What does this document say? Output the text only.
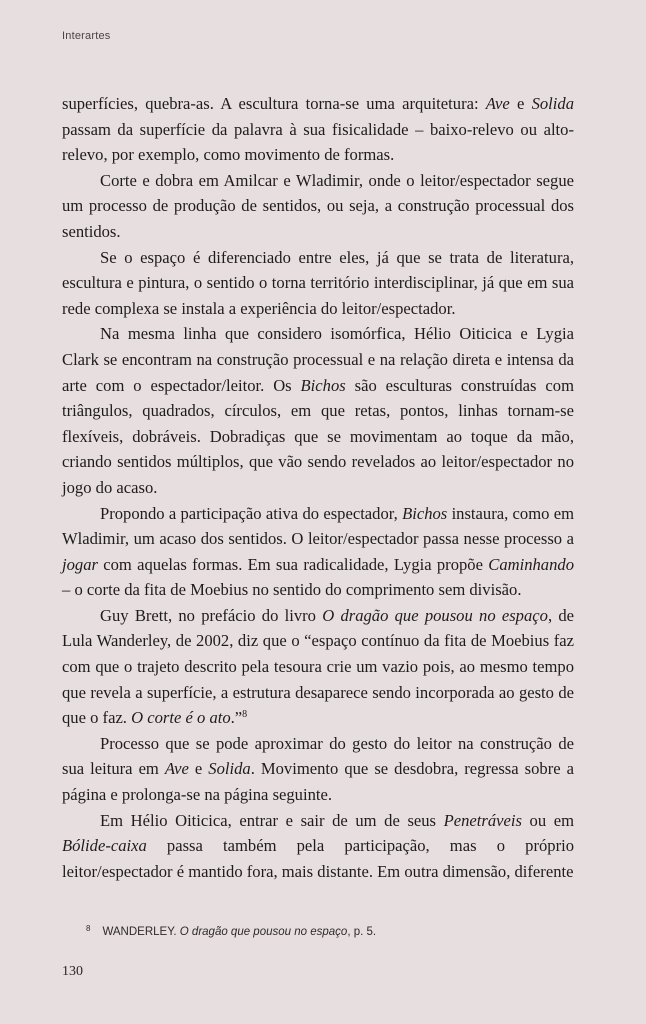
Interartes

superfícies, quebra-as. A escultura torna-se uma arquitetura: Ave e Solida passam da superfície da palavra à sua fisicalidade – baixo-relevo ou alto-relevo, por exemplo, como movimento de formas.

Corte e dobra em Amilcar e Wladimir, onde o leitor/espectador segue um processo de produção de sentidos, ou seja, a construção processual dos sentidos.

Se o espaço é diferenciado entre eles, já que se trata de literatura, escultura e pintura, o sentido o torna território interdisciplinar, já que em sua rede complexa se instala a experiência do leitor/espectador.

Na mesma linha que considero isomórfica, Hélio Oiticica e Lygia Clark se encontram na construção processual e na relação direta e intensa da arte com o espectador/leitor. Os Bichos são esculturas construídas com triângulos, quadrados, círculos, em que retas, pontos, linhas tornam-se flexíveis, dobráveis. Dobradiças que se movimentam ao toque da mão, criando sentidos múltiplos, que vão sendo revelados ao leitor/espectador no jogo do acaso.

Propondo a participação ativa do espectador, Bichos instaura, como em Wladimir, um acaso dos sentidos. O leitor/espectador passa nesse processo a jogar com aquelas formas. Em sua radicalidade, Lygia propõe Caminhando – o corte da fita de Moebius no sentido do comprimento sem divisão.

Guy Brett, no prefácio do livro O dragão que pousou no espaço, de Lula Wanderley, de 2002, diz que o “espaço contínuo da fita de Moebius faz com que o trajeto descrito pela tesoura crie um vazio pois, ao mesmo tempo que revela a superfície, a estrutura desaparece sendo incorporada ao gesto de que o faz. O corte é o ato.”$^8$

Processo que se pode aproximar do gesto do leitor na construção de sua leitura em Ave e Solida. Movimento que se desdobra, regressa sobre a página e prolonga-se na página seguinte.

Em Hélio Oiticica, entrar e sair de um de seus Penetráveis ou em Bólide-caixa passa também pela participação, mas o próprio leitor/espectador é mantido fora, mais distante. Em outra dimensão, diferente

$^8$ WANDERLEY. O dragão que pousou no espaço, p. 5.
130
